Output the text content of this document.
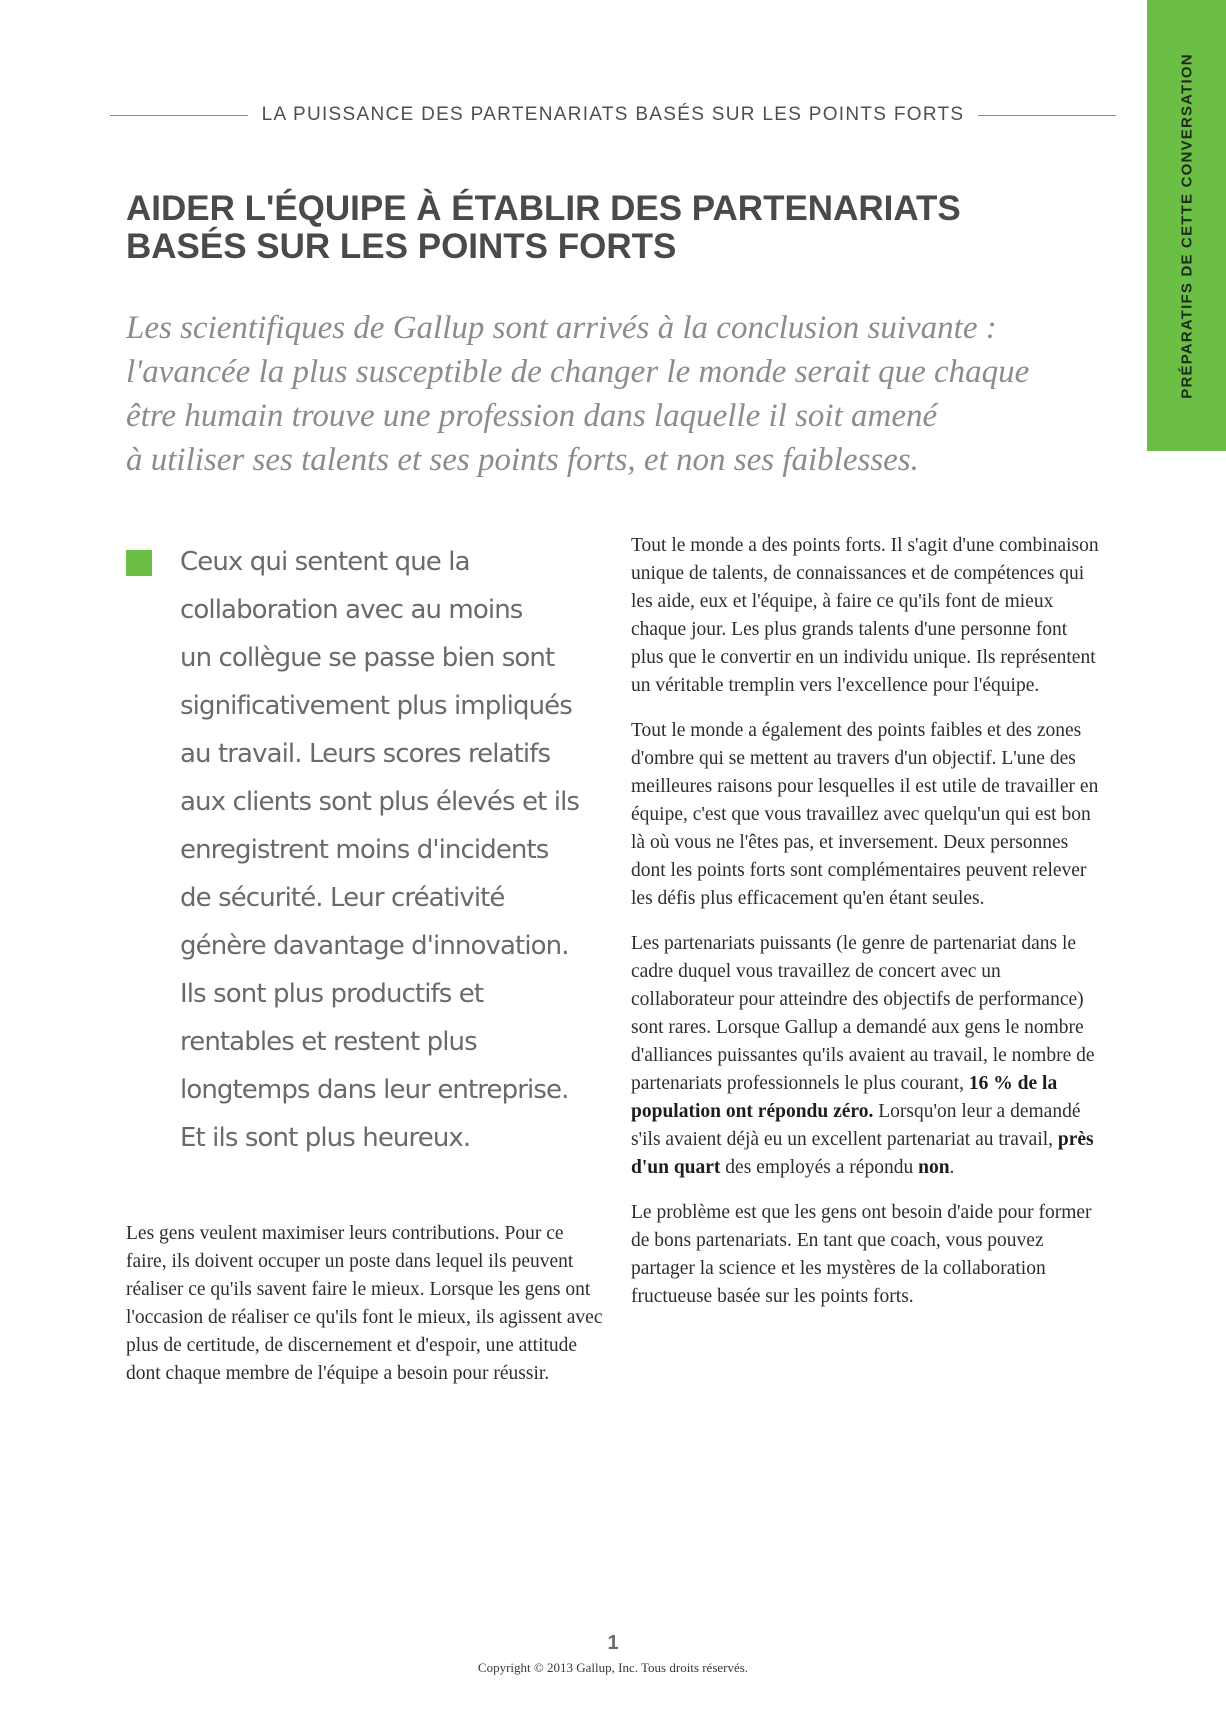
PRÉPARATIFS DE CETTE CONVERSATION
LA PUISSANCE DES PARTENARIATS BASÉS SUR LES POINTS FORTS
AIDER L'ÉQUIPE À ÉTABLIR DES PARTENARIATS
BASÉS SUR LES POINTS FORTS

Les scientifiques de Gallup sont arrivés à la conclusion suivante :
l'avancée la plus susceptible de changer le monde serait que chaque
être humain trouve une profession dans laquelle il soit amené
à utiliser ses talents et ses points forts, et non ses faiblesses.

Ceux qui sentent que la
collaboration avec au moins
un collègue se passe bien sont
significativement plus impliqués
au travail. Leurs scores relatifs
aux clients sont plus élevés et ils
enregistrent moins d'incidents
de sécurité. Leur créativité
génère davantage d'innovation.
Ils sont plus productifs et
rentables et restent plus
longtemps dans leur entreprise.
Et ils sont plus heureux.

Les gens veulent maximiser leurs contributions. Pour ce faire, ils doivent occuper un poste dans lequel ils peuvent réaliser ce qu'ils savent faire le mieux. Lorsque les gens ont l'occasion de réaliser ce qu'ils font le mieux, ils agissent avec plus de certitude, de discernement et d'espoir, une attitude dont chaque membre de l'équipe a besoin pour réussir.

Tout le monde a des points forts. Il s'agit d'une combinaison unique de talents, de connaissances et de compétences qui les aide, eux et l'équipe, à faire ce qu'ils font de mieux chaque jour. Les plus grands talents d'une personne font plus que le convertir en un individu unique. Ils représentent un véritable tremplin vers l'excellence pour l'équipe.

Tout le monde a également des points faibles et des zones d'ombre qui se mettent au travers d'un objectif. L'une des meilleures raisons pour lesquelles il est utile de travailler en équipe, c'est que vous travaillez avec quelqu'un qui est bon là où vous ne l'êtes pas, et inversement. Deux personnes dont les points forts sont complémentaires peuvent relever les défis plus efficacement qu'en étant seules.

Les partenariats puissants (le genre de partenariat dans le cadre duquel vous travaillez de concert avec un collaborateur pour atteindre des objectifs de performance) sont rares. Lorsque Gallup a demandé aux gens le nombre d'alliances puissantes qu'ils avaient au travail, le nombre de partenariats professionnels le plus courant, 16 % de la population ont répondu zéro. Lorsqu'on leur a demandé s'ils avaient déjà eu un excellent partenariat au travail, près d'un quart des employés a répondu non.

Le problème est que les gens ont besoin d'aide pour former de bons partenariats. En tant que coach, vous pouvez partager la science et les mystères de la collaboration fructueuse basée sur les points forts.

1
Copyright © 2013 Gallup, Inc. Tous droits réservés.
